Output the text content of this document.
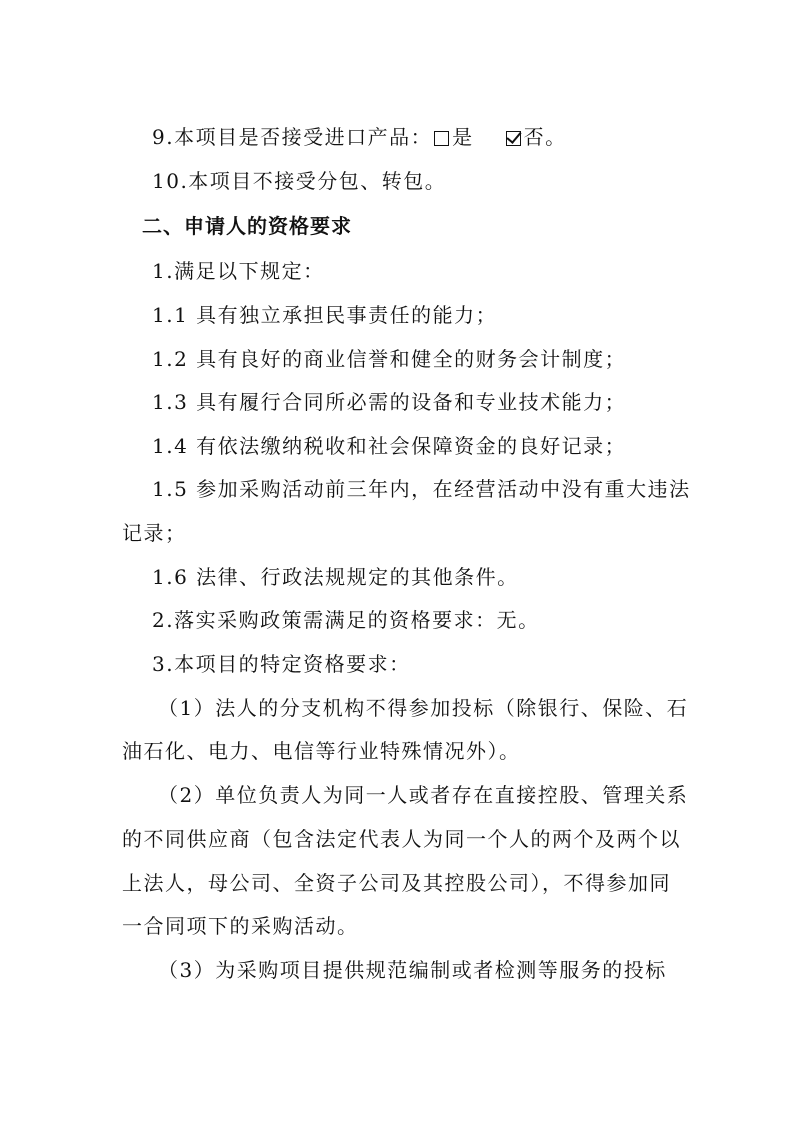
9.本项目是否接受进口产品： 是	否。
10.本项目不接受分包、转包。
二、申请人的资格要求
1.满足以下规定：
1.1 具有独立承担民事责任的能力；
1.2 具有良好的商业信誉和健全的财务会计制度；
1.3 具有履行合同所必需的设备和专业技术能力；
1.4 有依法缴纳税收和社会保障资金的良好记录；
1.5 参加采购活动前三年内，在经营活动中没有重大违法
记录；
1.6 法律、行政法规规定的其他条件。
2.落实采购政策需满足的资格要求：无。
3.本项目的特定资格要求：
（1）法人的分支机构不得参加投标（除银行、保险、石
油石化、电力、电信等行业特殊情况外）。
（2）单位负责人为同一人或者存在直接控股、管理关系
的不同供应商（包含法定代表人为同一个人的两个及两个以
上法人，母公司、全资子公司及其控股公司），不得参加同
一合同项下的采购活动。
（3）为采购项目提供规范编制或者检测等服务的投标
